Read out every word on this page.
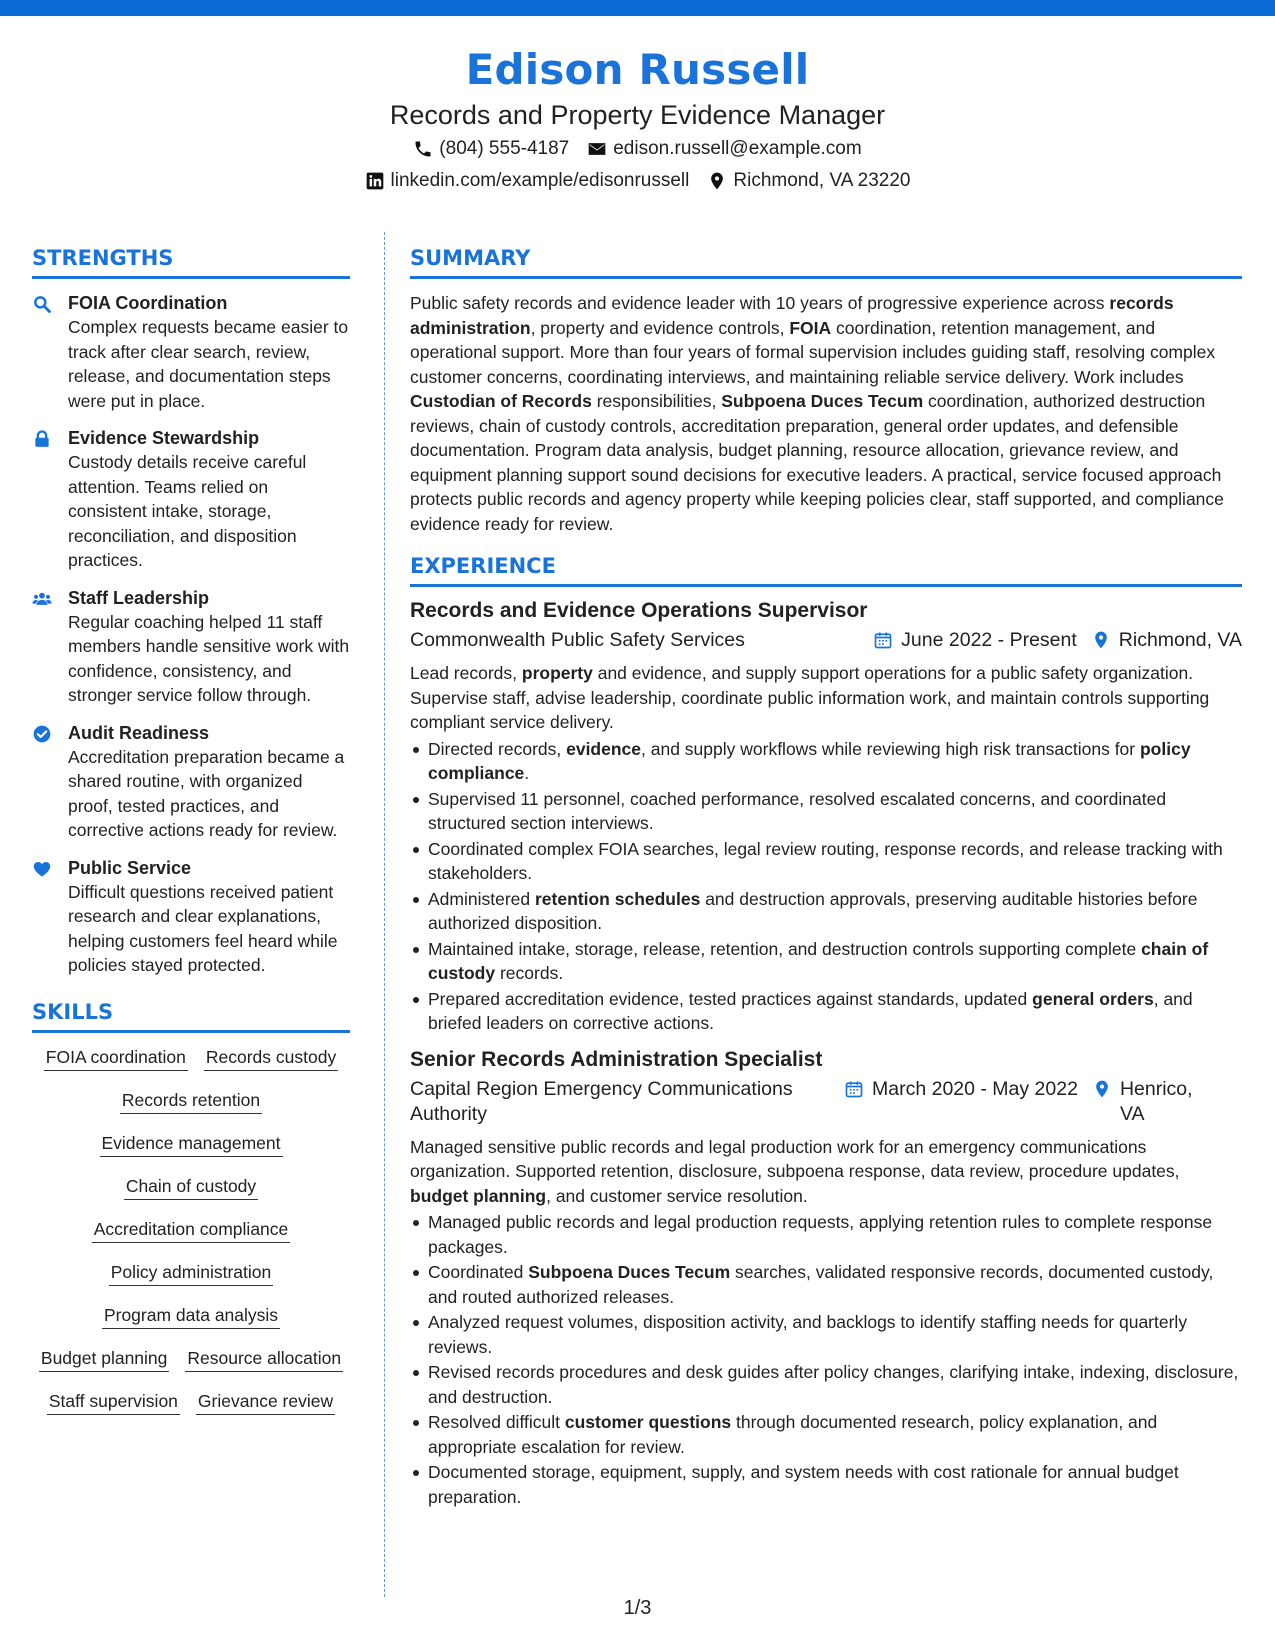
Edison Russell
Records and Property Evidence Manager
(804) 555-4187 edison.russell@example.com
linkedin.com/example/edisonrussell Richmond, VA 23220
STRENGTHS
FOIA Coordination
Complex requests became easier to track after clear search, review, release, and documentation steps were put in place.
Evidence Stewardship
Custody details receive careful attention. Teams relied on consistent intake, storage, reconciliation, and disposition practices.
Staff Leadership
Regular coaching helped 11 staff members handle sensitive work with confidence, consistency, and stronger service follow through.
Audit Readiness
Accreditation preparation became a shared routine, with organized proof, tested practices, and corrective actions ready for review.
Public Service
Difficult questions received patient research and clear explanations, helping customers feel heard while policies stayed protected.
SKILLS
FOIA coordination Records custody
Records retention
Evidence management
Chain of custody
Accreditation compliance
Policy administration
Program data analysis
Budget planning Resource allocation
Staff supervision Grievance review
SUMMARY
Public safety records and evidence leader with 10 years of progressive experience across records administration, property and evidence controls, FOIA coordination, retention management, and operational support. More than four years of formal supervision includes guiding staff, resolving complex customer concerns, coordinating interviews, and maintaining reliable service delivery. Work includes Custodian of Records responsibilities, Subpoena Duces Tecum coordination, authorized destruction reviews, chain of custody controls, accreditation preparation, general order updates, and defensible documentation. Program data analysis, budget planning, resource allocation, grievance review, and equipment planning support sound decisions for executive leaders. A practical, service focused approach protects public records and agency property while keeping policies clear, staff supported, and compliance evidence ready for review.
EXPERIENCE
Records and Evidence Operations Supervisor
Commonwealth Public Safety Services	June 2022 - Present Richmond, VA
Lead records, property and evidence, and supply support operations for a public safety organization. Supervise staff, advise leadership, coordinate public information work, and maintain controls supporting compliant service delivery.
Directed records, evidence, and supply workflows while reviewing high risk transactions for policy compliance.
Supervised 11 personnel, coached performance, resolved escalated concerns, and coordinated structured section interviews.
Coordinated complex FOIA searches, legal review routing, response records, and release tracking with stakeholders.
Administered retention schedules and destruction approvals, preserving auditable histories before authorized disposition.
Maintained intake, storage, release, retention, and destruction controls supporting complete chain of custody records.
Prepared accreditation evidence, tested practices against standards, updated general orders, and briefed leaders on corrective actions.
Senior Records Administration Specialist
Capital Region Emergency Communications Authority
March 2020 - May 2022 Henrico, VA
Managed sensitive public records and legal production work for an emergency communications organization. Supported retention, disclosure, subpoena response, data review, procedure updates, budget planning, and customer service resolution.
Managed public records and legal production requests, applying retention rules to complete response packages.
Coordinated Subpoena Duces Tecum searches, validated responsive records, documented custody, and routed authorized releases.
Analyzed request volumes, disposition activity, and backlogs to identify staffing needs for quarterly reviews.
Revised records procedures and desk guides after policy changes, clarifying intake, indexing, disclosure, and destruction.
Resolved difficult customer questions through documented research, policy explanation, and appropriate escalation for review.
Documented storage, equipment, supply, and system needs with cost rationale for annual budget preparation.
1/3
